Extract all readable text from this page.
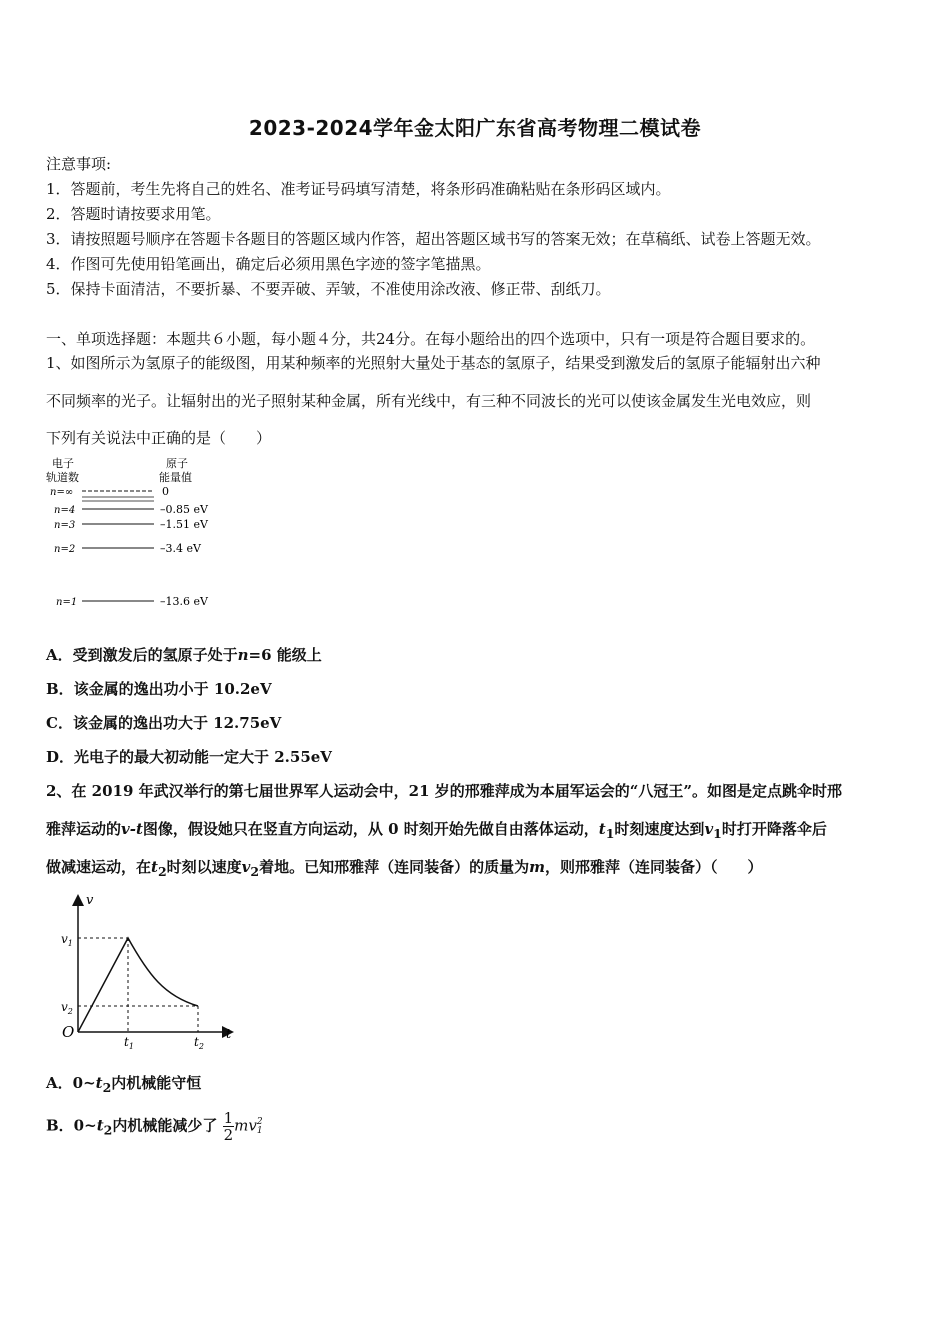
2023-2024学年金太阳广东省高考物理二模试卷
注意事项:
1．答题前，考生先将自己的姓名、准考证号码填写清楚，将条形码准确粘贴在条形码区域内。
2．答题时请按要求用笔。
3．请按照题号顺序在答题卡各题目的答题区域内作答，超出答题区域书写的答案无效；在草稿纸、试卷上答题无效。
4．作图可先使用铅笔画出，确定后必须用黑色字迹的签字笔描黑。
5．保持卡面清洁，不要折暴、不要弄破、弄皱，不准使用涂改液、修正带、刮纸刀。
一、单项选择题：本题共６小题，每小题４分，共24分。在每小题给出的四个选项中，只有一项是符合题目要求的。
1、如图所示为氢原子的能级图，用某种频率的光照射大量处于基态的氢原子，结果受到激发后的氢原子能辐射出六种
不同频率的光子。让辐射出的光子照射某种金属，所有光线中，有三种不同波长的光可以使该金属发生光电效应，则
下列有关说法中正确的是（　　）
电子
轨道数
原子
能量值
n=∞	0
n=4	–0.85 eV
n=3	–1.51 eV
n=2	–3.4 eV
n=1	–13.6 eV
A．受到激发后的氢原子处于n=6 能级上
B．该金属的逸出功小于 10.2eV
C．该金属的逸出功大于 12.75eV
D．光电子的最大初动能一定大于 2.55eV
2、在 2019 年武汉举行的第七届世界军人运动会中，21 岁的邢雅萍成为本届军运会的“八冠王”。如图是定点跳伞时邢
雅萍运动的v-t图像，假设她只在竖直方向运动，从 0 时刻开始先做自由落体运动，$t_1$时刻速度达到$v_1$时打开降落伞后
做减速运动，在$t_2$时刻以速度$v_2$着地。已知邢雅萍（连同装备）的质量为m，则邢雅萍（连同装备）（　　）
v
t
O
$v_1$
$v_2$
$t_1$	$t_2$
A．$0\sim t_2$内机械能守恒
B．$0\sim t_2$内机械能减少了 $\frac{1}{2}$ mv 2
1
